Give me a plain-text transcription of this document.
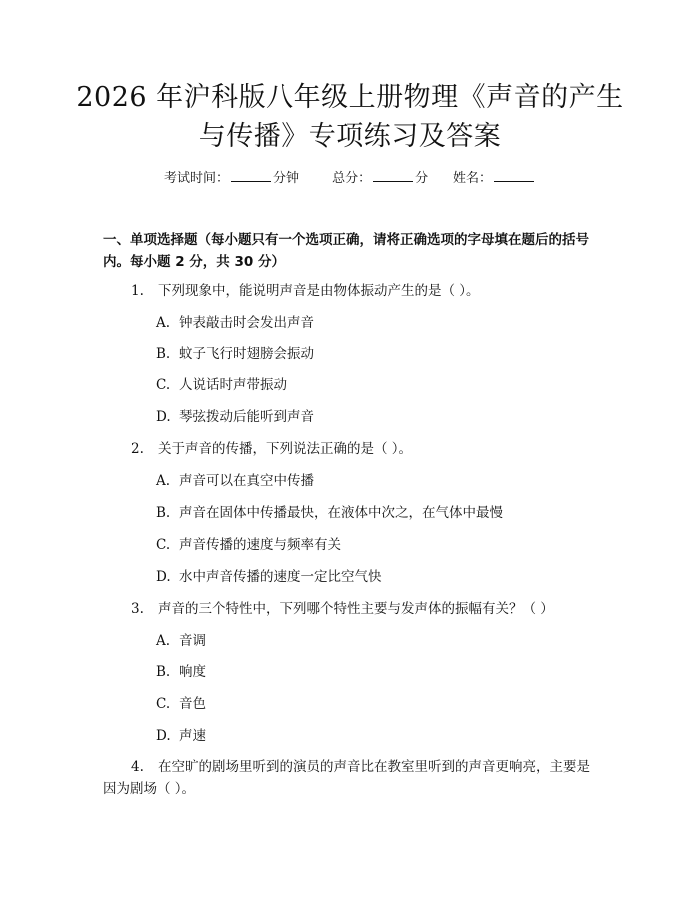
2026 年沪科版八年级上册物理《声音的产生
与传播》专项练习及答案
考试时间：	分钟	总分：	分 姓名：
一、单项选择题（每小题只有一个选项正确，请将正确选项的字母填在题后的括号内。每小题 2 分，共 30 分）
1. 下列现象中，能说明声音是由物体振动产生的是（ ）。
A. 钟表敲击时会发出声音
B. 蚊子飞行时翅膀会振动
C. 人说话时声带振动
D. 琴弦拨动后能听到声音
2. 关于声音的传播，下列说法正确的是（ ）。
A. 声音可以在真空中传播
B. 声音在固体中传播最快，在液体中次之，在气体中最慢
C. 声音传播的速度与频率有关
D. 水中声音传播的速度一定比空气快
3. 声音的三个特性中，下列哪个特性主要与发声体的振幅有关？（ ）
A. 音调
B. 响度
C. 音色
D. 声速
4. 在空旷的剧场里听到的演员的声音比在教室里听到的声音更响亮，主要是因为剧场（ ）。
